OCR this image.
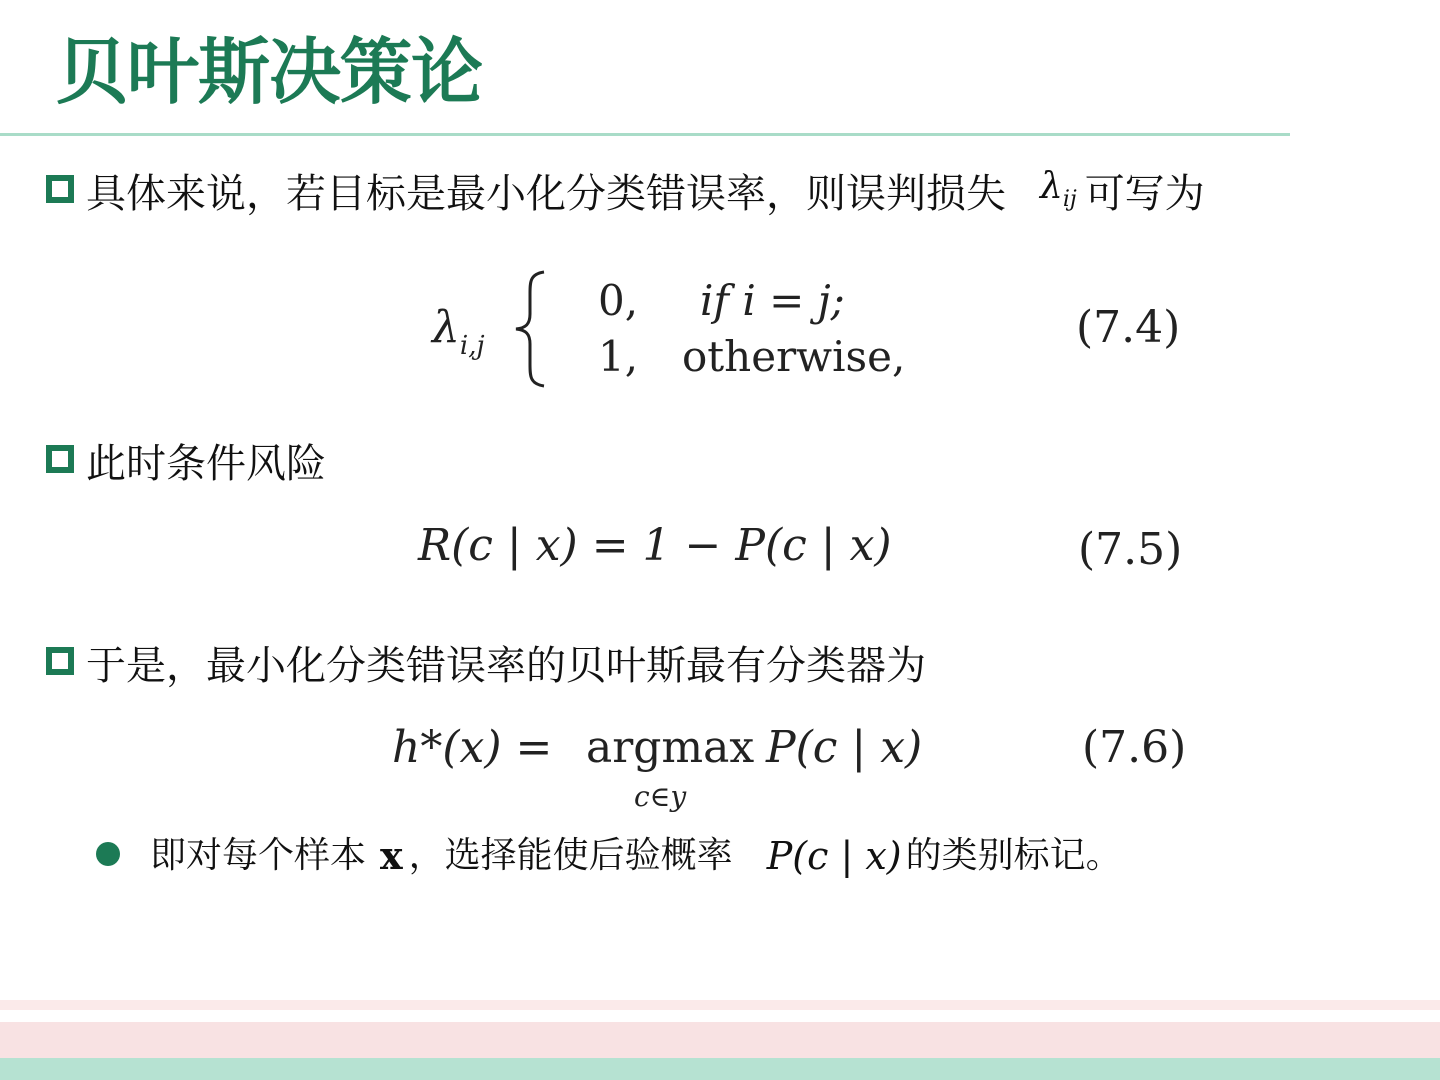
贝叶斯决策论
具体来说，若目标是最小化分类错误率，则误判损失 $\lambda_{ij}$ 可写为
$\lambda_{i,j}$
0, if i = j;
1, otherwise,
(7.4)
此时条件风险
R(c | x) = 1 − P(c | x)	(7.5)
于是，最小化分类错误率的贝叶斯最有分类器为
h*(x) = argmax
c∈y
P(c | x)	(7.6)
即对每个样本 x ，选择能使后验概率 P(c | x) 的类别标记。
